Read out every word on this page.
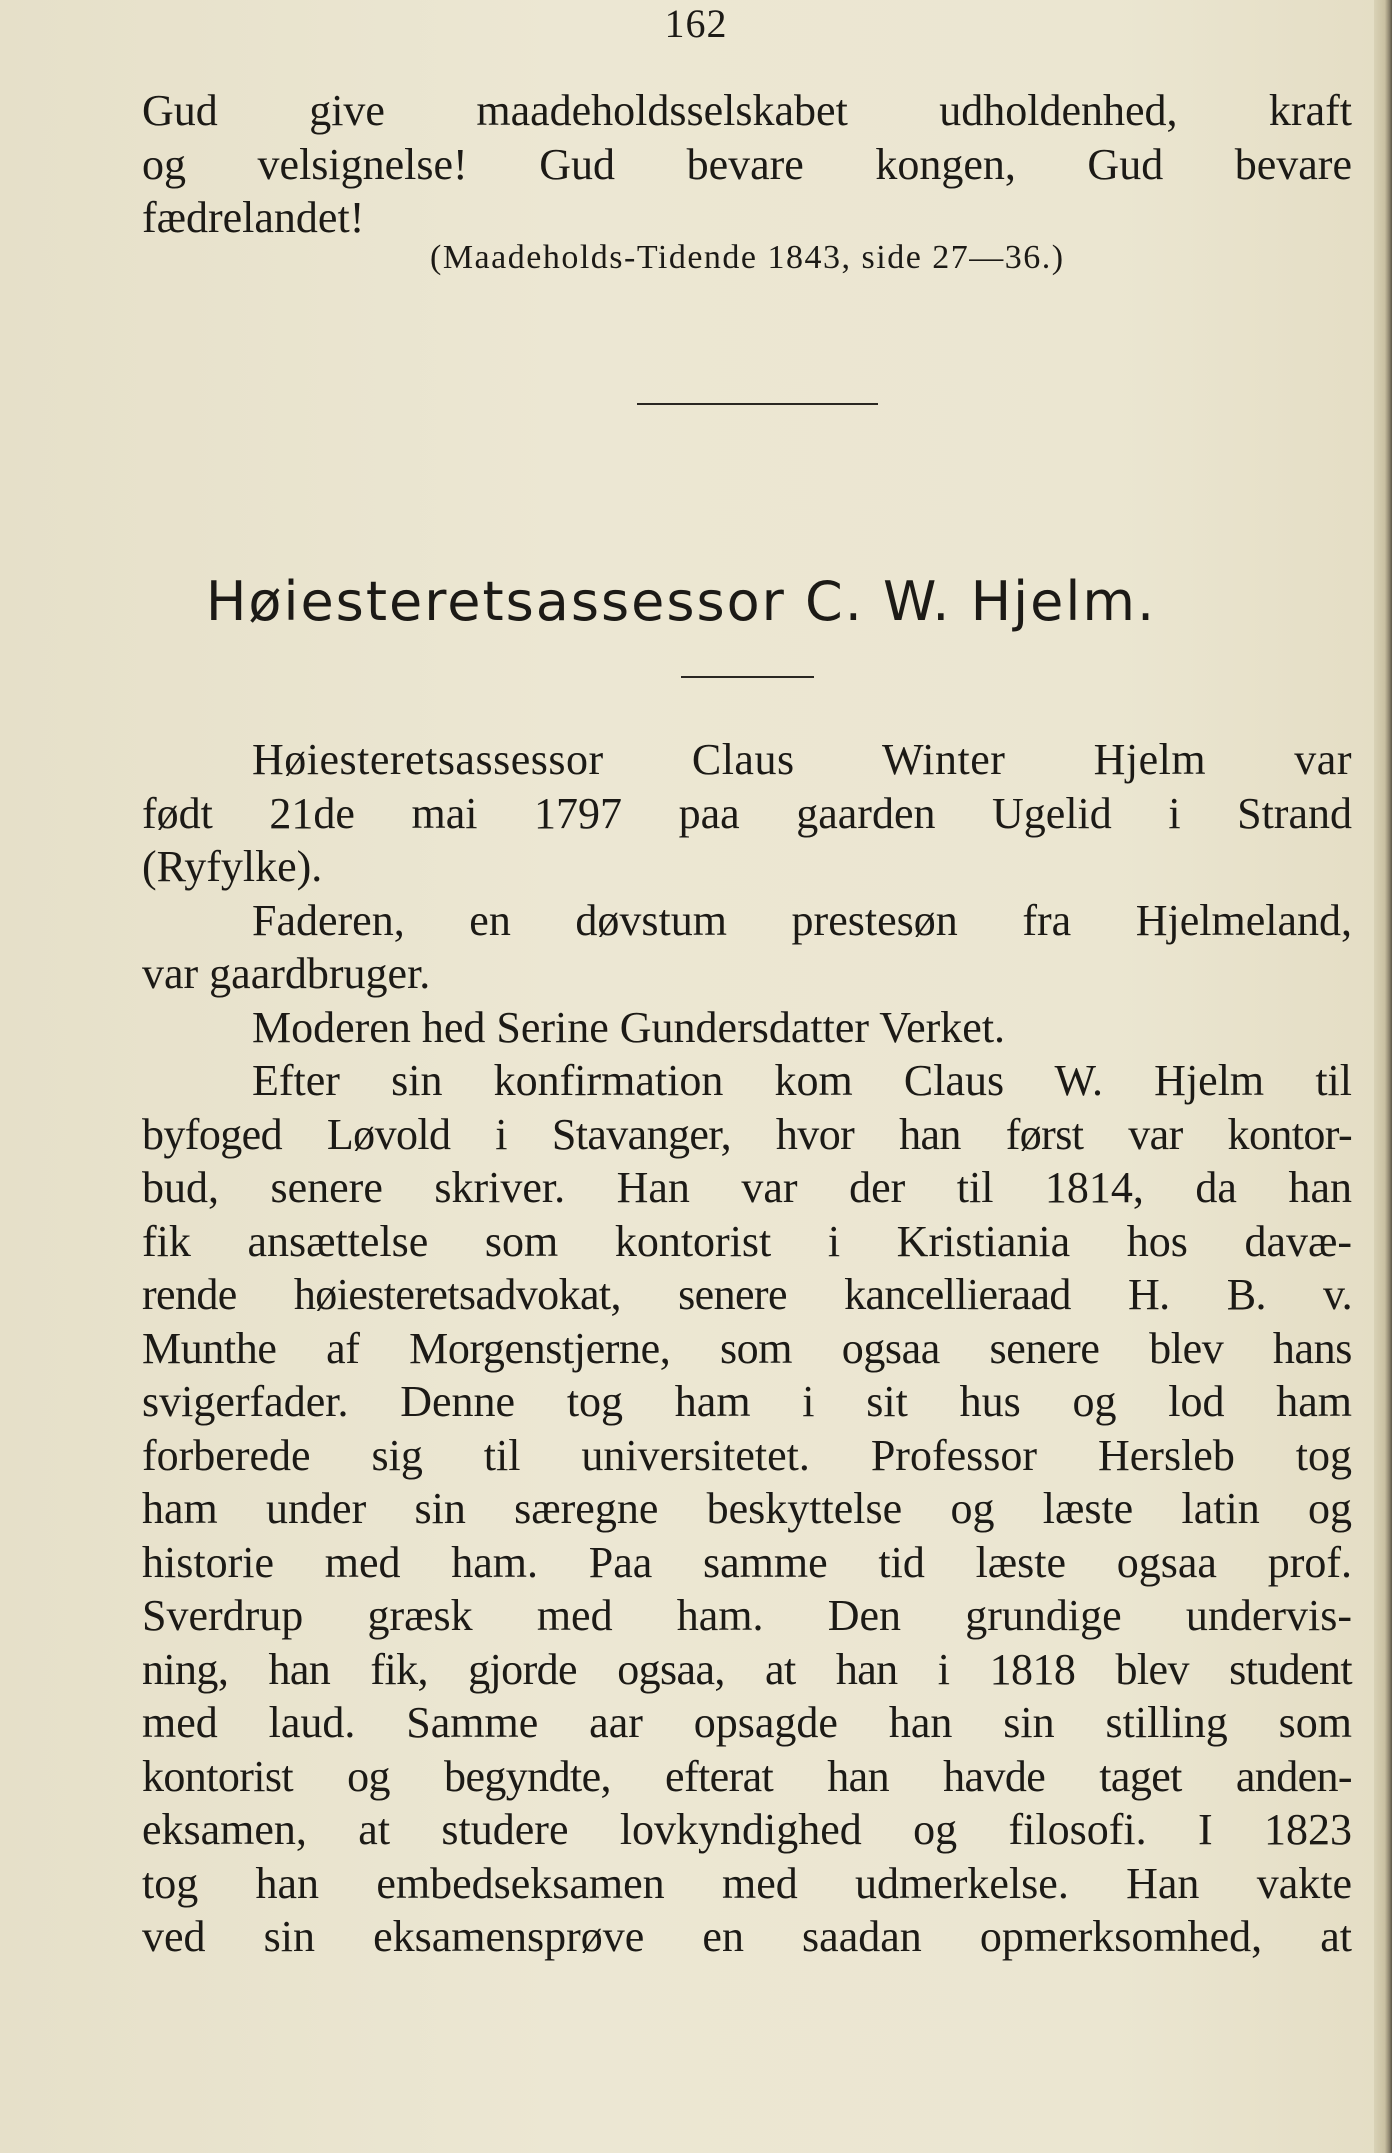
162
Gud give maadeholdsselskabet udholdenhed, kraft
og velsignelse! Gud bevare kongen, Gud bevare
fædrelandet!
(Maadeholds-Tidende 1843, side 27—36.)
Høiesteretsassessor C. W. Hjelm.
Høiesteretsassessor Claus Winter Hjelm var
født 21de mai 1797 paa gaarden Ugelid i Strand
(Ryfylke).
Faderen, en døvstum prestesøn fra Hjelmeland,
var gaardbruger.
Moderen hed Serine Gundersdatter Verket.
Efter sin konfirmation kom Claus W. Hjelm til
byfoged Løvold i Stavanger, hvor han først var kontor-
bud, senere skriver. Han var der til 1814, da han
fik ansættelse som kontorist i Kristiania hos davæ-
rende høiesteretsadvokat, senere kancellieraad H. B. v.
Munthe af Morgenstjerne, som ogsaa senere blev hans
svigerfader. Denne tog ham i sit hus og lod ham
forberede sig til universitetet. Professor Hersleb tog
ham under sin særegne beskyttelse og læste latin og
historie med ham. Paa samme tid læste ogsaa prof.
Sverdrup græsk med ham. Den grundige undervis-
ning, han fik, gjorde ogsaa, at han i 1818 blev student
med laud. Samme aar opsagde han sin stilling som
kontorist og begyndte, efterat han havde taget anden-
eksamen, at studere lovkyndighed og filosofi. I 1823
tog han embedseksamen med udmerkelse. Han vakte
ved sin eksamensprøve en saadan opmerksomhed, at
